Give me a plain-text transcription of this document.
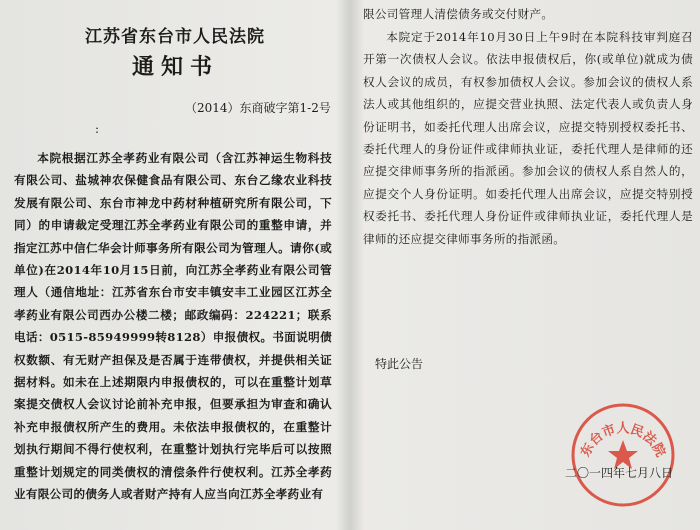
江苏省东台市人民法院
通知书
（2014）东商破字第1-2号
:

本院根据江苏全孝药业有限公司（含江苏神运生物科技有限公司、盐城神农保健食品有限公司、东台乙缘农业科技发展有限公司、东台市神龙中药材种植研究所有限公司，下同）的申请裁定受理江苏全孝药业有限公司的重整申请，并指定江苏中信仁华会计师事务所有限公司为管理人。请你(或单位)在2014年10月15日前，向江苏全孝药业有限公司管理人（通信地址：江苏省东台市安丰镇安丰工业园区江苏全孝药业有限公司西办公楼二楼；邮政编码：224221；联系电话：0515-85949999转8128）申报债权。书面说明债权数额、有无财产担保及是否属于连带债权，并提供相关证据材料。如未在上述期限内申报债权的，可以在重整计划草案提交债权人会议讨论前补充申报，但要承担为审查和确认补充申报债权所产生的费用。未依法申报债权的，在重整计划执行期间不得行使权利，在重整计划执行完毕后可以按照重整计划规定的同类债权的清偿条件行使权利。江苏全孝药业有限公司的债务人或者财产持有人应当向江苏全孝药业有

限公司管理人清偿债务或交付财产。

本院定于2014年10月30日上午9时在本院科技审判庭召开第一次债权人会议。依法申报债权后，你(或单位)就成为债权人会议的成员，有权参加债权人会议。参加会议的债权人系法人或其他组织的，应提交营业执照、法定代表人或负责人身份证明书，如委托代理人出席会议，应提交特别授权委托书、委托代理人的身份证件或律师执业证，委托代理人是律师的还应提交律师事务所的指派函。参加会议的债权人系自然人的，应提交个人身份证明。如委托代理人出席会议，应提交特别授权委托书、委托代理人身份证件或律师执业证，委托代理人是律师的还应提交律师事务所的指派函。

特此公告
东台市人民法院
二〇一四年七月八日
